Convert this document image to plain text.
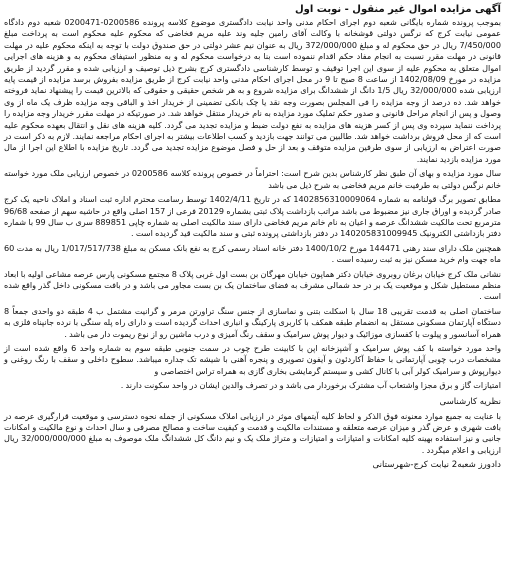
آگهی مزایده اموال غیر منقول - نوبت اول
بموجب پرونده شماره بایگانی شعبه دوم اجرای احکام مدنی واحد نیابت دادگستری موضوع کلاسه پرونده 0200586-0200471 شعبه دوم دادگاه عمومی نیابت کرج که نرگس دولتی قوشخانه با وکالت آقای رامین جلیه وند علیه مریم فخاضی که محکوم علیه محکوم است به پرداخت مبلغ 7/450/000 ریال در حق محکوم له و مبلغ 372/000/000 ریال به عنوان نیم عشر دولتی در حق صندوق دولت با توجه به اینکه محکوم علیه در مهلت قانونی در مهلت مقرر نسبت به انجام مفاد حکم اقدام ننموده است بنا به درخواست محکوم له و به منظور استیفای محکوم به و هزینه های اجرایی اموال متعلق به محکوم علیه از سوی این اجرا توقیف و توسط کارشناسی دادگستری کرج بشرح ذیل توصیف و ارزیابی شده و مقرر گردید از طریق مزایده در مورخ 1402/08/09 از ساعت 8 صبح تا 9 در محل اجرای احکام مدنی واحد نیابت کرج از طریق مزایده بفروش برسد مزایده از قیمت پایه ارزیابی شده 32/000/000 ریال 1/5 دانگ از ششدانگ برای مزایده شروع و به هر شخص حقیقی و حقوقی که بالاترین قیمت را پیشنهاد نماید فروخته خواهد شد. ده درصد از وجه مزایده را فی المجلس بصورت وجه نقد یا چک بانکی تضمینی از خریدار اخذ و الباقی وجه مزایده ظرف یک ماه از وی وصول و پس از انجام مراحل قانونی و صدور حکم تملیک مورد مزایده به نام خریدار منتقل خواهد شد. در صورتیکه در مهلت مقرر خریدار وجه مزایده را پرداخت ننماید سپرده وی پس از کسر هزینه های مزایده به نفع دولت ضبط و مزایده تجدید می گردد. کلیه هزینه های نقل و انتقال بعهده محکوم علیه است که از محل فروش برداشت خواهد شد. طالبین می توانند جهت بازدید و کسب اطلاعات بیشتر به اجرای احکام مراجعه نمایند. لازم به ذکر است در صورت اعتراض به ارزیابی از سوی طرفین مزایده متوقف و بعد از حل و فصل موضوع مزایده تجدید می گردد. تاریخ مزایده با اطلاع این اجرا از مال مورد مزایده بازدید نمایند.
سال مورد مزایده و بهای آن طبق نظر کارشناس بدین شرح است: احتراماً در خصوص پرونده کلاسه 0200586 در خصوص ارزیابی ملک مورد خواسته خانم نرگس دولتی به طرفیت خانم مریم فخاضی به شرح ذیل می باشد
مطابق تصویر برگ قولنامه به شماره 1402856310009064 که در تاریخ 1402/4/11 توسط رسامت محترم اداره ثبت اسناد و املاک ناحیه یک کرج صادر گردیده و اوراق جاری نیز مضبوط می باشد مراتب بازداشت پلاک ثبتی بشماره 20129 فرعی از 157 اصلی واقع در حاشیه سهم از صفحه 96/68 مترمربع تحت مالکیت ششدانگ عرصه و اعیان به نام خانم مریم فخاضی دارای سند مالکیت اصلی به شماره چاپی 889851 سری ب سال 99 با شماره دفتر بازداشتی الکترونیک 140205831009945 در دفتر بازداشتی پرونده ثبتی و سند مالکیت قید گردیده است .
همچنین ملک دارای سند رهنی 144471 مورخ 1400/10/2 دفتر خانه اسناد رسمی کرج به نفع بانک مسکن به مبلغ 1/017/517/738 ریال به مدت 60 ماه جهت وام خرید مسکن نیز به ثبت رسیده است .
نشانی ملک کرج خیابان برغان روبروی خیابان دکتر هماپون خیابان مهرگان بن بست اول غربی پلاک 8 مجتمع مسکونی پارس عرصه مشاعی اولیه با ابعاد منظم مستطیل شکل و موقعیت یک بر در حد شمالی مشرف به فضای ساختمان یک بن بست مجاور می باشد و در بافت مسکونی داخل گذر واقع شده است .
ساختمان اصلی به قدمت تقریبی 18 سال با اسکلت بتنی و نماسازی از جنس سنگ تراورتن مرمر و گرانیت مشتمل ب 4 طبقه دو واحدی جمعاً 8 دستگاه آپارتمان مسکونی مستقل به انضمام طبقه همکف با کاربری پارکینگ و انباری احداث گردیده است و دارای راه پله سنگی با نرده جانپناه فلزی به همراه آسانسور و پیلوت با کفسازی موزائیک و دیوار پوش سرامیک و سقف رنگ آمیزی و درب ماشین رو از نوع ریموت دار می باشد .
واحد مورد خواسته با کف پوش سرامیک و آشپزخانه اپن با کابینت طرح چوب در سمت جنوبی طبقه سوم به شماره واحد 6 واقع شده است از مشخصات درب چوبی آپارتمانی با حفاظ آکاردئون و آیفون تصویری و پنجره آهنی با شیشه تک جداره میباشد. سطوح داخلی و سقف با رنگ روغنی و دیوارپوش و سرامیک کولر آبی با کانال کشی و سیستم گرمایشی بخاری گازی به همراه تراس اختصاصی و
امتیازات گاز و برق مجزا واشتعاب آب مشترک برخوردار می باشد و در تصرف والدین ایشان در واحد سکونت دارند .
نظریه کارشناسی
با عنایت به جمیع موارد معنونه فوق الذکر و لحاظ کلیه آیتمهای موثر در ارزیابی املاک مسکونی از جمله نحوه دسترسی و موقعیت قرارگیری عرصه در بافت شهری و عرض گذر و میزان عرصه متعلقه و مستندات مالکیت و قدمت و کیفیت ساخت و مصالح مصرفی و سال احداث و نوع مالکیت و امکانات جانبی و نیز استفاده بهینه کلیه امکانات و امتیازات و امتیازات و متراژ ملک یک و نیم دانگ کل ششدانگ ملک موصوف به مبلغ 32/000/000/000 ریال ارزیابی و اعلام میگردد .
دادورز شعبه2 نیابت کرج-شهرستانی
